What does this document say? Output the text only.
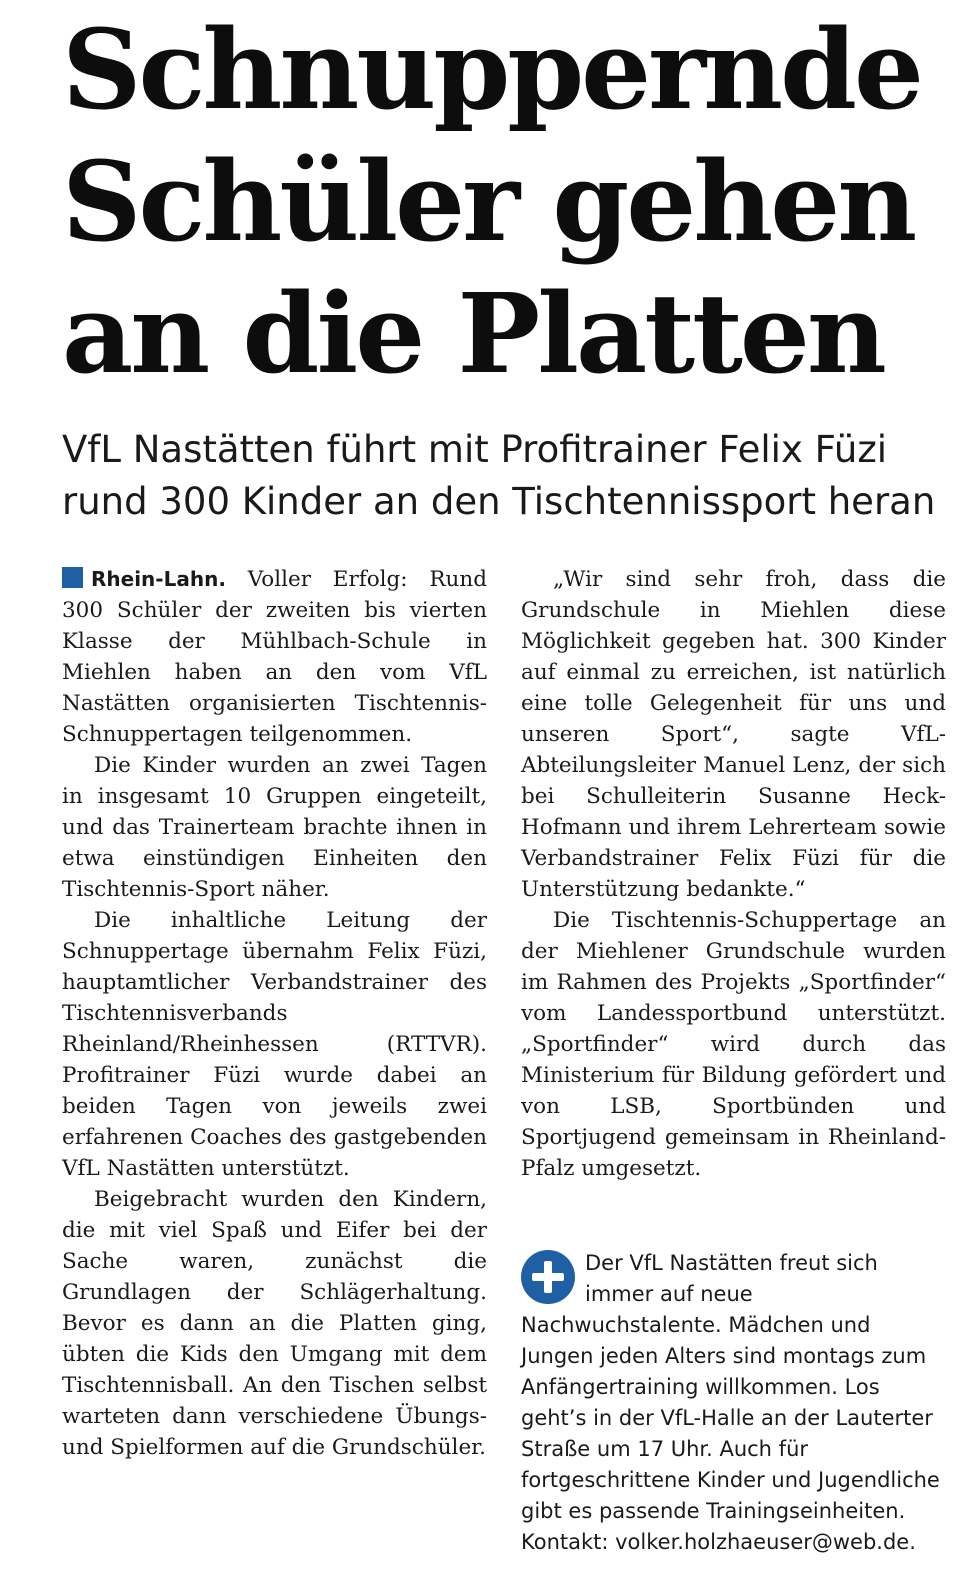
Schnuppernde
Schüler gehen
an die Platten
VfL Nastätten führt mit Profitrainer Felix Füzi
rund 300 Kinder an den Tischtennissport heran

Rhein-Lahn. Voller Erfolg: Rund 300 Schüler der zweiten bis vierten Klasse der Mühlbach-Schule in Miehlen haben an den vom VfL Nastätten organisierten Tischtennis-Schnuppertagen teilgenommen.

Die Kinder wurden an zwei Tagen in insgesamt 10 Gruppen eingeteilt, und das Trainerteam brachte ihnen in etwa einstündigen Einheiten den Tischtennis-Sport näher.

Die inhaltliche Leitung der Schnuppertage übernahm Felix Füzi, hauptamtlicher Verbandstrainer des Tischtennisverbands Rheinland/Rheinhessen (RTTVR). Profitrainer Füzi wurde dabei an beiden Tagen von jeweils zwei erfahrenen Coaches des gastgebenden VfL Nastätten unterstützt.

Beigebracht wurden den Kindern, die mit viel Spaß und Eifer bei der Sache waren, zunächst die Grundlagen der Schlägerhaltung. Bevor es dann an die Platten ging, übten die Kids den Umgang mit dem Tischtennisball. An den Tischen selbst warteten dann verschiedene Übungs- und Spielformen auf die Grundschüler.

„Wir sind sehr froh, dass die Grundschule in Miehlen diese Möglichkeit gegeben hat. 300 Kinder auf einmal zu erreichen, ist natürlich eine tolle Gelegenheit für uns und unseren Sport“, sagte VfL-Abteilungsleiter Manuel Lenz, der sich bei Schulleiterin Susanne Heck-Hofmann und ihrem Lehrerteam sowie Verbandstrainer Felix Füzi für die Unterstützung bedankte.“

Die Tischtennis-Schuppertage an der Miehlener Grundschule wurden im Rahmen des Projekts „Sportfinder“ vom Landessportbund unterstützt. „Sportfinder“ wird durch das Ministerium für Bildung gefördert und von LSB, Sportbünden und Sportjugend gemeinsam in Rheinland-Pfalz umgesetzt.

Der VfL Nastätten freut sich immer auf neue Nachwuchstalente. Mädchen und Jungen jeden Alters sind montags zum Anfängertraining willkommen. Los geht’s in der VfL-Halle an der Lauterter Straße um 17 Uhr. Auch für fortgeschrittene Kinder und Jugendliche gibt es passende Trainingseinheiten. Kontakt: volker.holzhaeuser@web.de.
